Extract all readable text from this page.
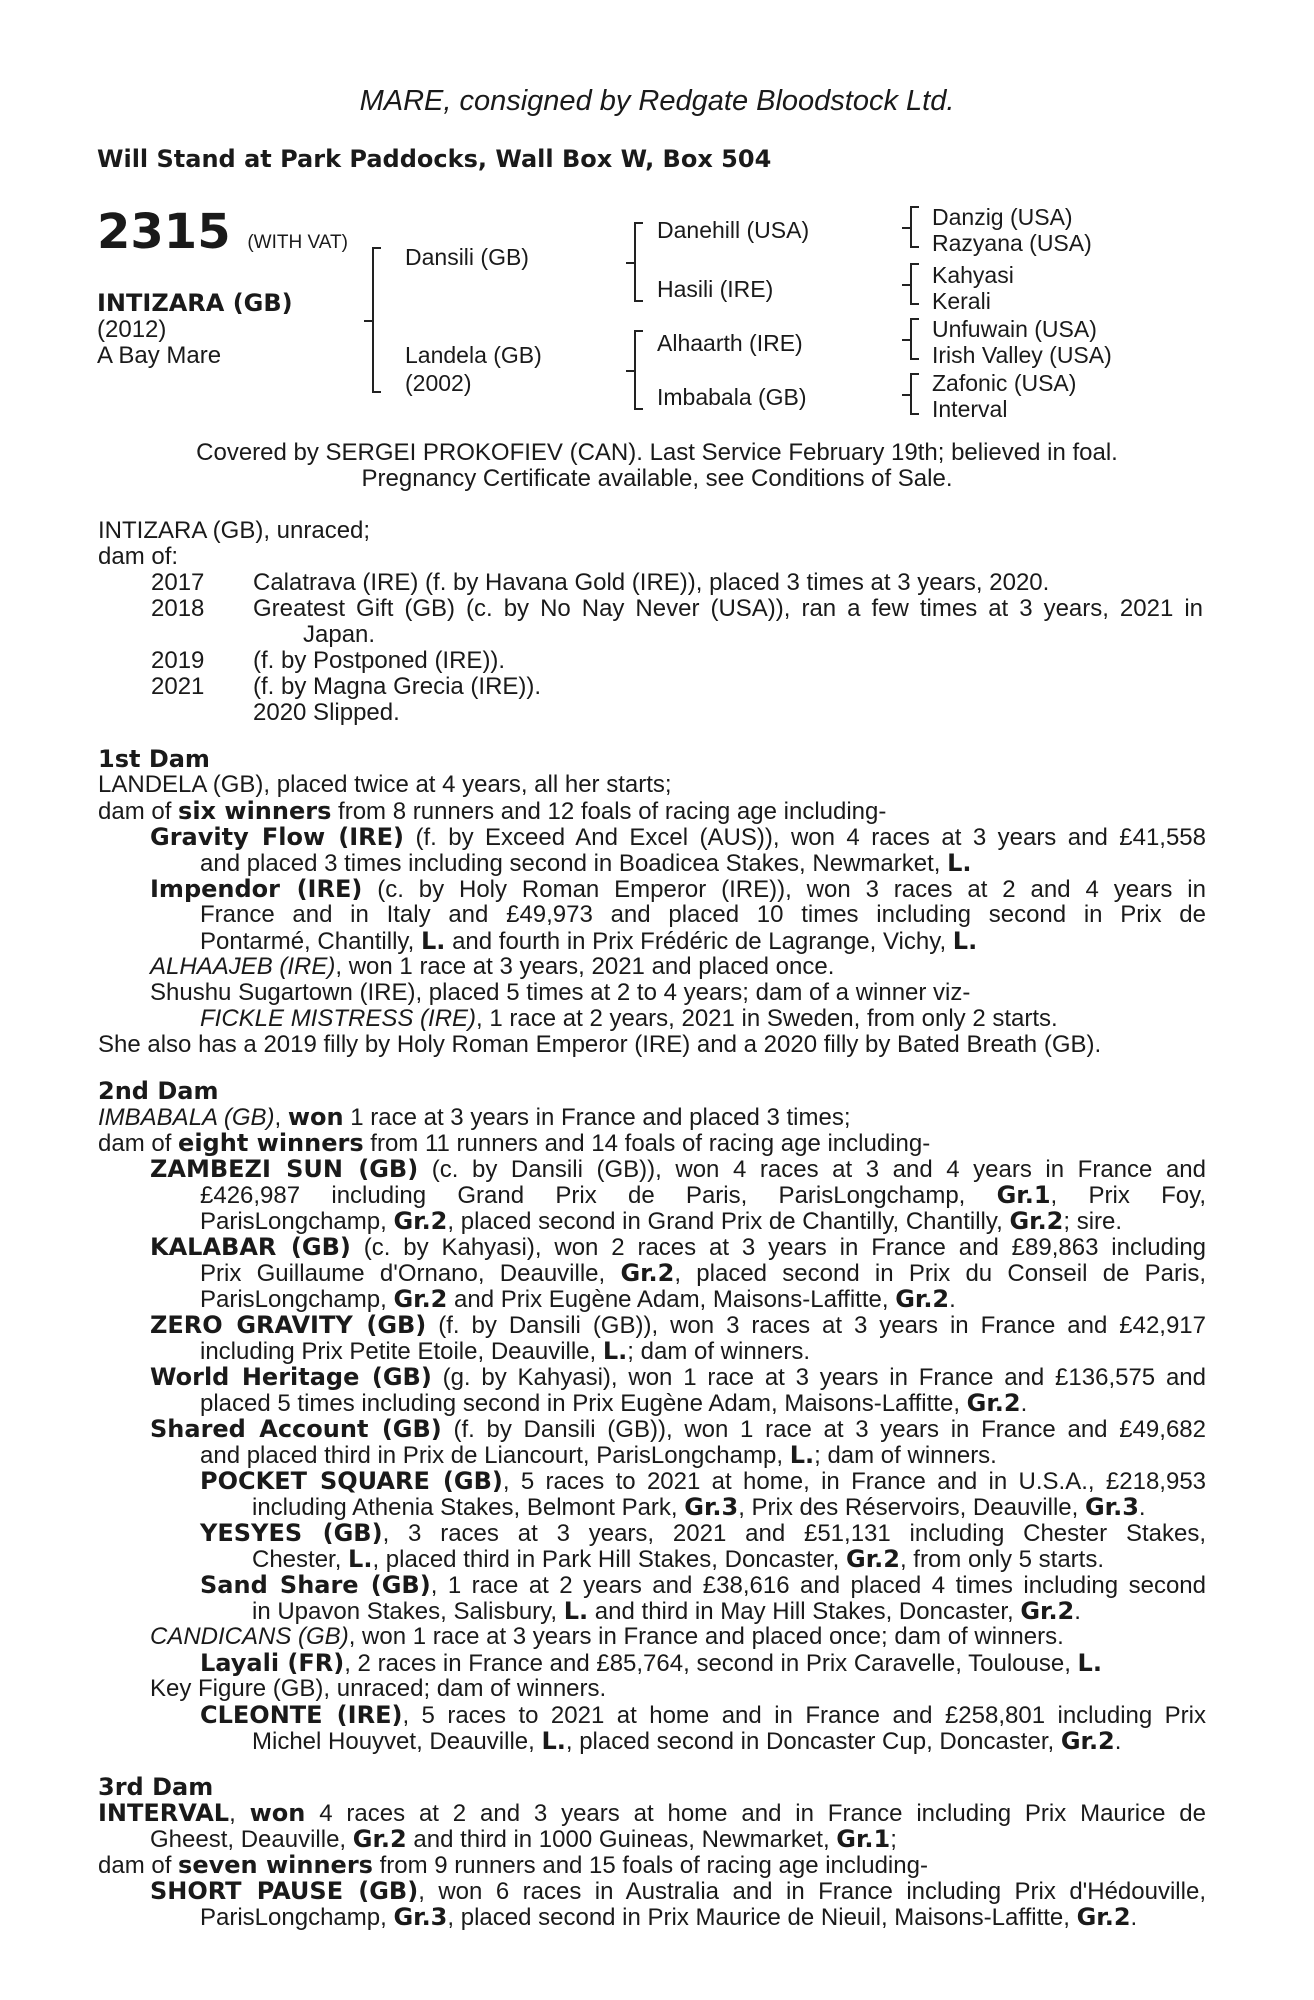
MARE, consigned by Redgate Bloodstock Ltd.
Will Stand at Park Paddocks, Wall Box W, Box 504
2315 (WITH VAT)
INTIZARA (GB)
(2012)
A Bay Mare
Dansili (GB)
Landela (GB)
(2002)
Danehill (USA)
Hasili (IRE)
Alhaarth (IRE)
Imbabala (GB)
Danzig (USA)
Razyana (USA)
Kahyasi
Kerali
Unfuwain (USA)
Irish Valley (USA)
Zafonic (USA)
Interval
Covered by SERGEI PROKOFIEV (CAN). Last Service February 19th; believed in foal.
Pregnancy Certificate available, see Conditions of Sale.
INTIZARA (GB), unraced;
dam of:
2017 Calatrava (IRE) (f. by Havana Gold (IRE)), placed 3 times at 3 years, 2020.
2018 Greatest Gift (GB) (c. by No Nay Never (USA)), ran a few times at 3 years, 2021 in
Japan.
2019 (f. by Postponed (IRE)).
2021 (f. by Magna Grecia (IRE)).
2020 Slipped.
1st Dam
LANDELA (GB), placed twice at 4 years, all her starts;
dam of six winners from 8 runners and 12 foals of racing age including-
Gravity Flow (IRE) (f. by Exceed And Excel (AUS)), won 4 races at 3 years and £41,558
and placed 3 times including second in Boadicea Stakes, Newmarket, L.
Impendor (IRE) (c. by Holy Roman Emperor (IRE)), won 3 races at 2 and 4 years in
France and in Italy and £49,973 and placed 10 times including second in Prix de
Pontarmé, Chantilly, L. and fourth in Prix Frédéric de Lagrange, Vichy, L.
ALHAAJEB (IRE), won 1 race at 3 years, 2021 and placed once.
Shushu Sugartown (IRE), placed 5 times at 2 to 4 years; dam of a winner viz-
FICKLE MISTRESS (IRE), 1 race at 2 years, 2021 in Sweden, from only 2 starts.
She also has a 2019 filly by Holy Roman Emperor (IRE) and a 2020 filly by Bated Breath (GB).
2nd Dam
IMBABALA (GB), won 1 race at 3 years in France and placed 3 times;
dam of eight winners from 11 runners and 14 foals of racing age including-
ZAMBEZI SUN (GB) (c. by Dansili (GB)), won 4 races at 3 and 4 years in France and
£426,987 including Grand Prix de Paris, ParisLongchamp, Gr.1, Prix Foy,
ParisLongchamp, Gr.2, placed second in Grand Prix de Chantilly, Chantilly, Gr.2; sire.
KALABAR (GB) (c. by Kahyasi), won 2 races at 3 years in France and £89,863 including
Prix Guillaume d'Ornano, Deauville, Gr.2, placed second in Prix du Conseil de Paris,
ParisLongchamp, Gr.2 and Prix Eugène Adam, Maisons-Laffitte, Gr.2.
ZERO GRAVITY (GB) (f. by Dansili (GB)), won 3 races at 3 years in France and £42,917
including Prix Petite Etoile, Deauville, L.; dam of winners.
World Heritage (GB) (g. by Kahyasi), won 1 race at 3 years in France and £136,575 and
placed 5 times including second in Prix Eugène Adam, Maisons-Laffitte, Gr.2.
Shared Account (GB) (f. by Dansili (GB)), won 1 race at 3 years in France and £49,682
and placed third in Prix de Liancourt, ParisLongchamp, L.; dam of winners.
POCKET SQUARE (GB), 5 races to 2021 at home, in France and in U.S.A., £218,953
including Athenia Stakes, Belmont Park, Gr.3, Prix des Réservoirs, Deauville, Gr.3.
YESYES (GB), 3 races at 3 years, 2021 and £51,131 including Chester Stakes,
Chester, L., placed third in Park Hill Stakes, Doncaster, Gr.2, from only 5 starts.
Sand Share (GB), 1 race at 2 years and £38,616 and placed 4 times including second
in Upavon Stakes, Salisbury, L. and third in May Hill Stakes, Doncaster, Gr.2.
CANDICANS (GB), won 1 race at 3 years in France and placed once; dam of winners.
Layali (FR), 2 races in France and £85,764, second in Prix Caravelle, Toulouse, L.
Key Figure (GB), unraced; dam of winners.
CLEONTE (IRE), 5 races to 2021 at home and in France and £258,801 including Prix
Michel Houyvet, Deauville, L., placed second in Doncaster Cup, Doncaster, Gr.2.
3rd Dam
INTERVAL, won 4 races at 2 and 3 years at home and in France including Prix Maurice de
Gheest, Deauville, Gr.2 and third in 1000 Guineas, Newmarket, Gr.1;
dam of seven winners from 9 runners and 15 foals of racing age including-
SHORT PAUSE (GB), won 6 races in Australia and in France including Prix d'Hédouville,
ParisLongchamp, Gr.3, placed second in Prix Maurice de Nieuil, Maisons-Laffitte, Gr.2.
